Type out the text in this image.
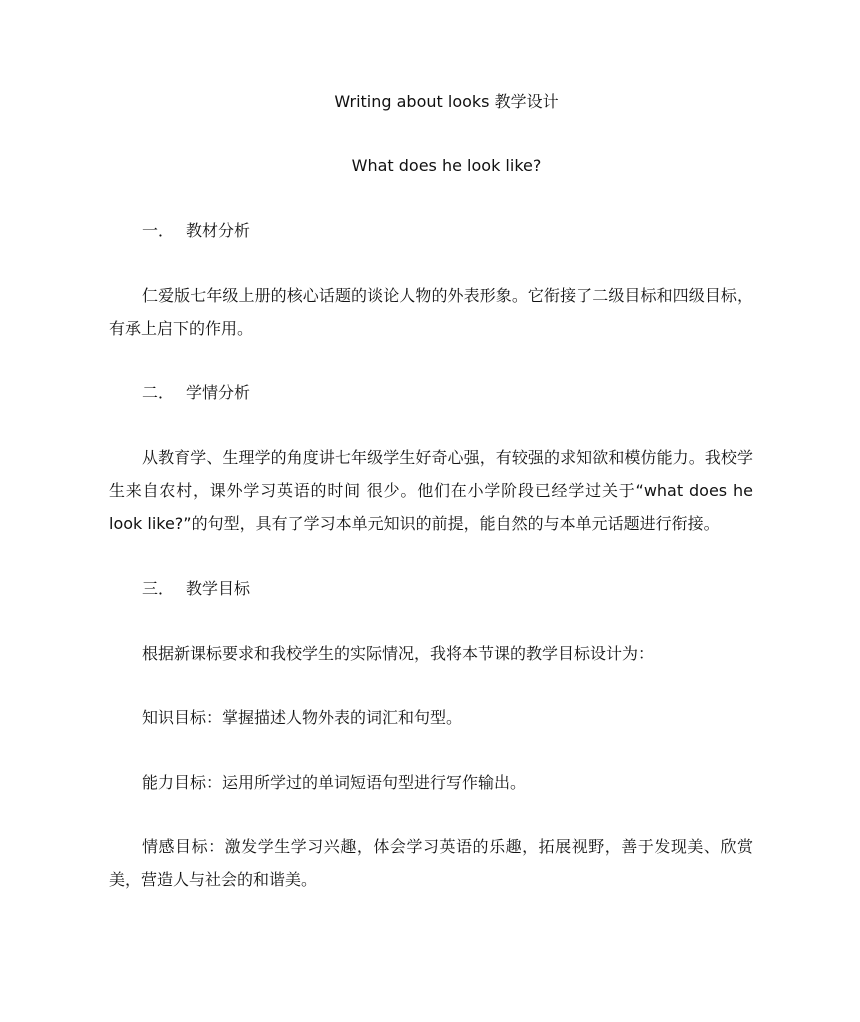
Writing about looks 教学设计

What does he look like?

一． 教材分析

仁爱版七年级上册的核心话题的谈论人物的外表形象。它衔接了二级目标和四级目标，有承上启下的作用。

二． 学情分析

从教育学、生理学的角度讲七年级学生好奇心强，有较强的求知欲和模仿能力。我校学生来自农村，课外学习英语的时间 很少。他们在小学阶段已经学过关于“what does he look like?”的句型，具有了学习本单元知识的前提，能自然的与本单元话题进行衔接。

三． 教学目标

根据新课标要求和我校学生的实际情况，我将本节课的教学目标设计为：

知识目标：掌握描述人物外表的词汇和句型。

能力目标：运用所学过的单词短语句型进行写作输出。

情感目标：激发学生学习兴趣，体会学习英语的乐趣，拓展视野，善于发现美、欣赏美，营造人与社会的和谐美。
